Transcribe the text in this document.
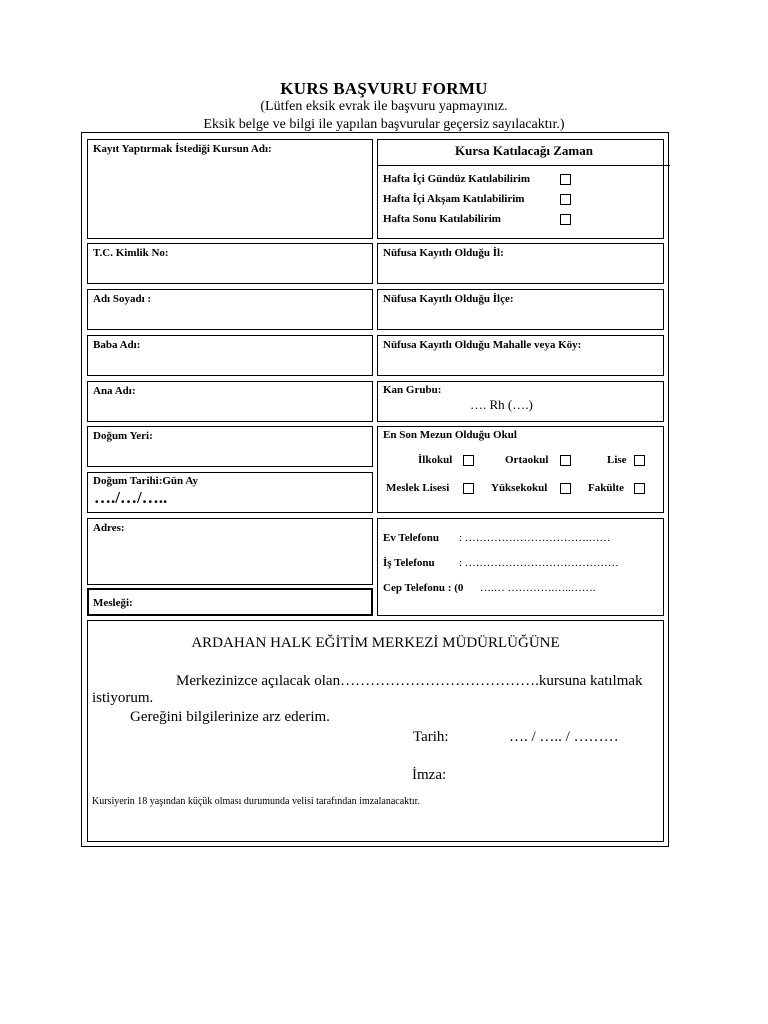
KURS BAŞVURU FORMU
(Lütfen eksik evrak ile başvuru yapmayınız.
Eksik belge ve bilgi ile yapılan başvurular geçersiz sayılacaktır.)
Kayıt Yaptırmak İstediği Kursun Adı:
T.C. Kimlik No:
Adı Soyadı :
Baba Adı:
Ana Adı:
Doğum Yeri:
Doğum Tarihi:Gün Ay
…./…/…..
Adres:
Mesleği:
Kursa Katılacağı Zaman
Hafta İçi Gündüz Katılabilirim
Hafta İçi Akşam Katılabilirim
Hafta Sonu Katılabilirim
Nüfusa Kayıtlı Olduğu İl:
Nüfusa Kayıtlı Olduğu İlçe:
Nüfusa Kayıtlı Olduğu Mahalle veya Köy:
Kan Grubu:
…. Rh (….)
En Son Mezun Olduğu Okul
İlkokul	Ortaokul	Lise
Meslek Lisesi	Yüksekokul	Fakülte
Ev Telefonu : …………………………….……
İş Telefonu : ……………………………………
Cep Telefonu : (0 ….… ………….…..…….
ARDAHAN HALK EĞİTİM MERKEZİ MÜDÜRLÜĞÜNE
Merkezinizce açılacak olan………………………………….kursuna katılmak
istiyorum.
Gereğini bilgilerinize arz ederim.
Tarih:	…. / ….. / ………
İmza:
Kursiyerin 18 yaşından küçük olması durumunda velisi tarafından imzalanacaktır.
